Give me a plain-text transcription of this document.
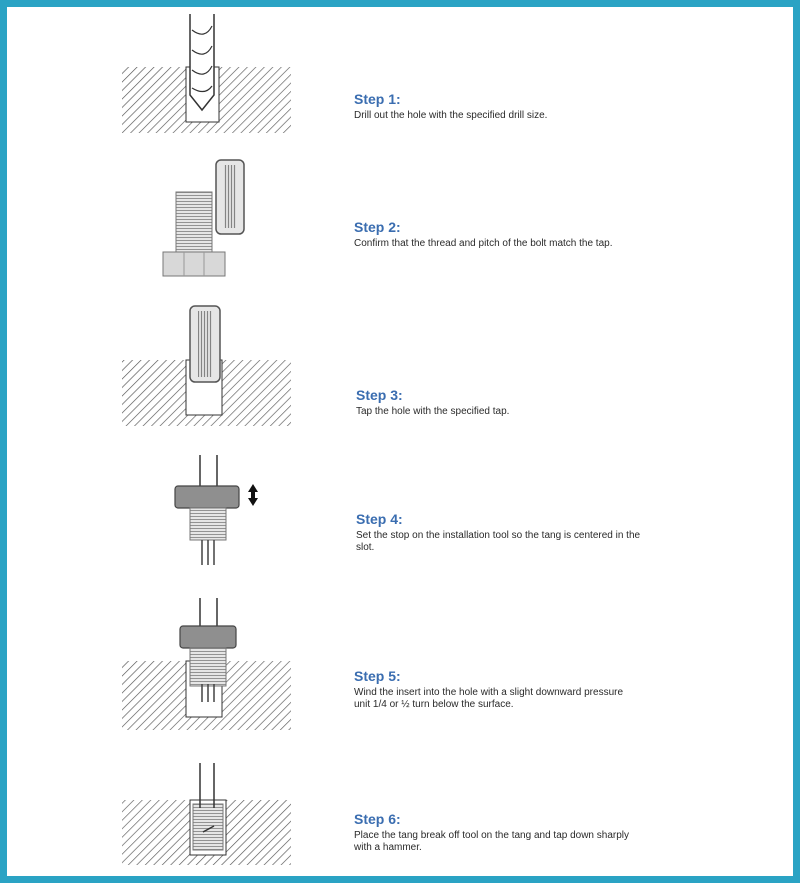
Step 1:

Drill out the hole with the specified drill size.

Step 2:

Confirm that the thread and pitch of the bolt match the tap.

Step 3:

Tap the hole with the specified tap.

Step 4:

Set the stop on the installation tool so the tang is centered in the slot.

Step 5:

Wind the insert into the hole with a slight downward pressure unit 1/4 or ½ turn below the surface.

Step 6:

Place the tang break off tool on the tang and tap down sharply with a hammer.
